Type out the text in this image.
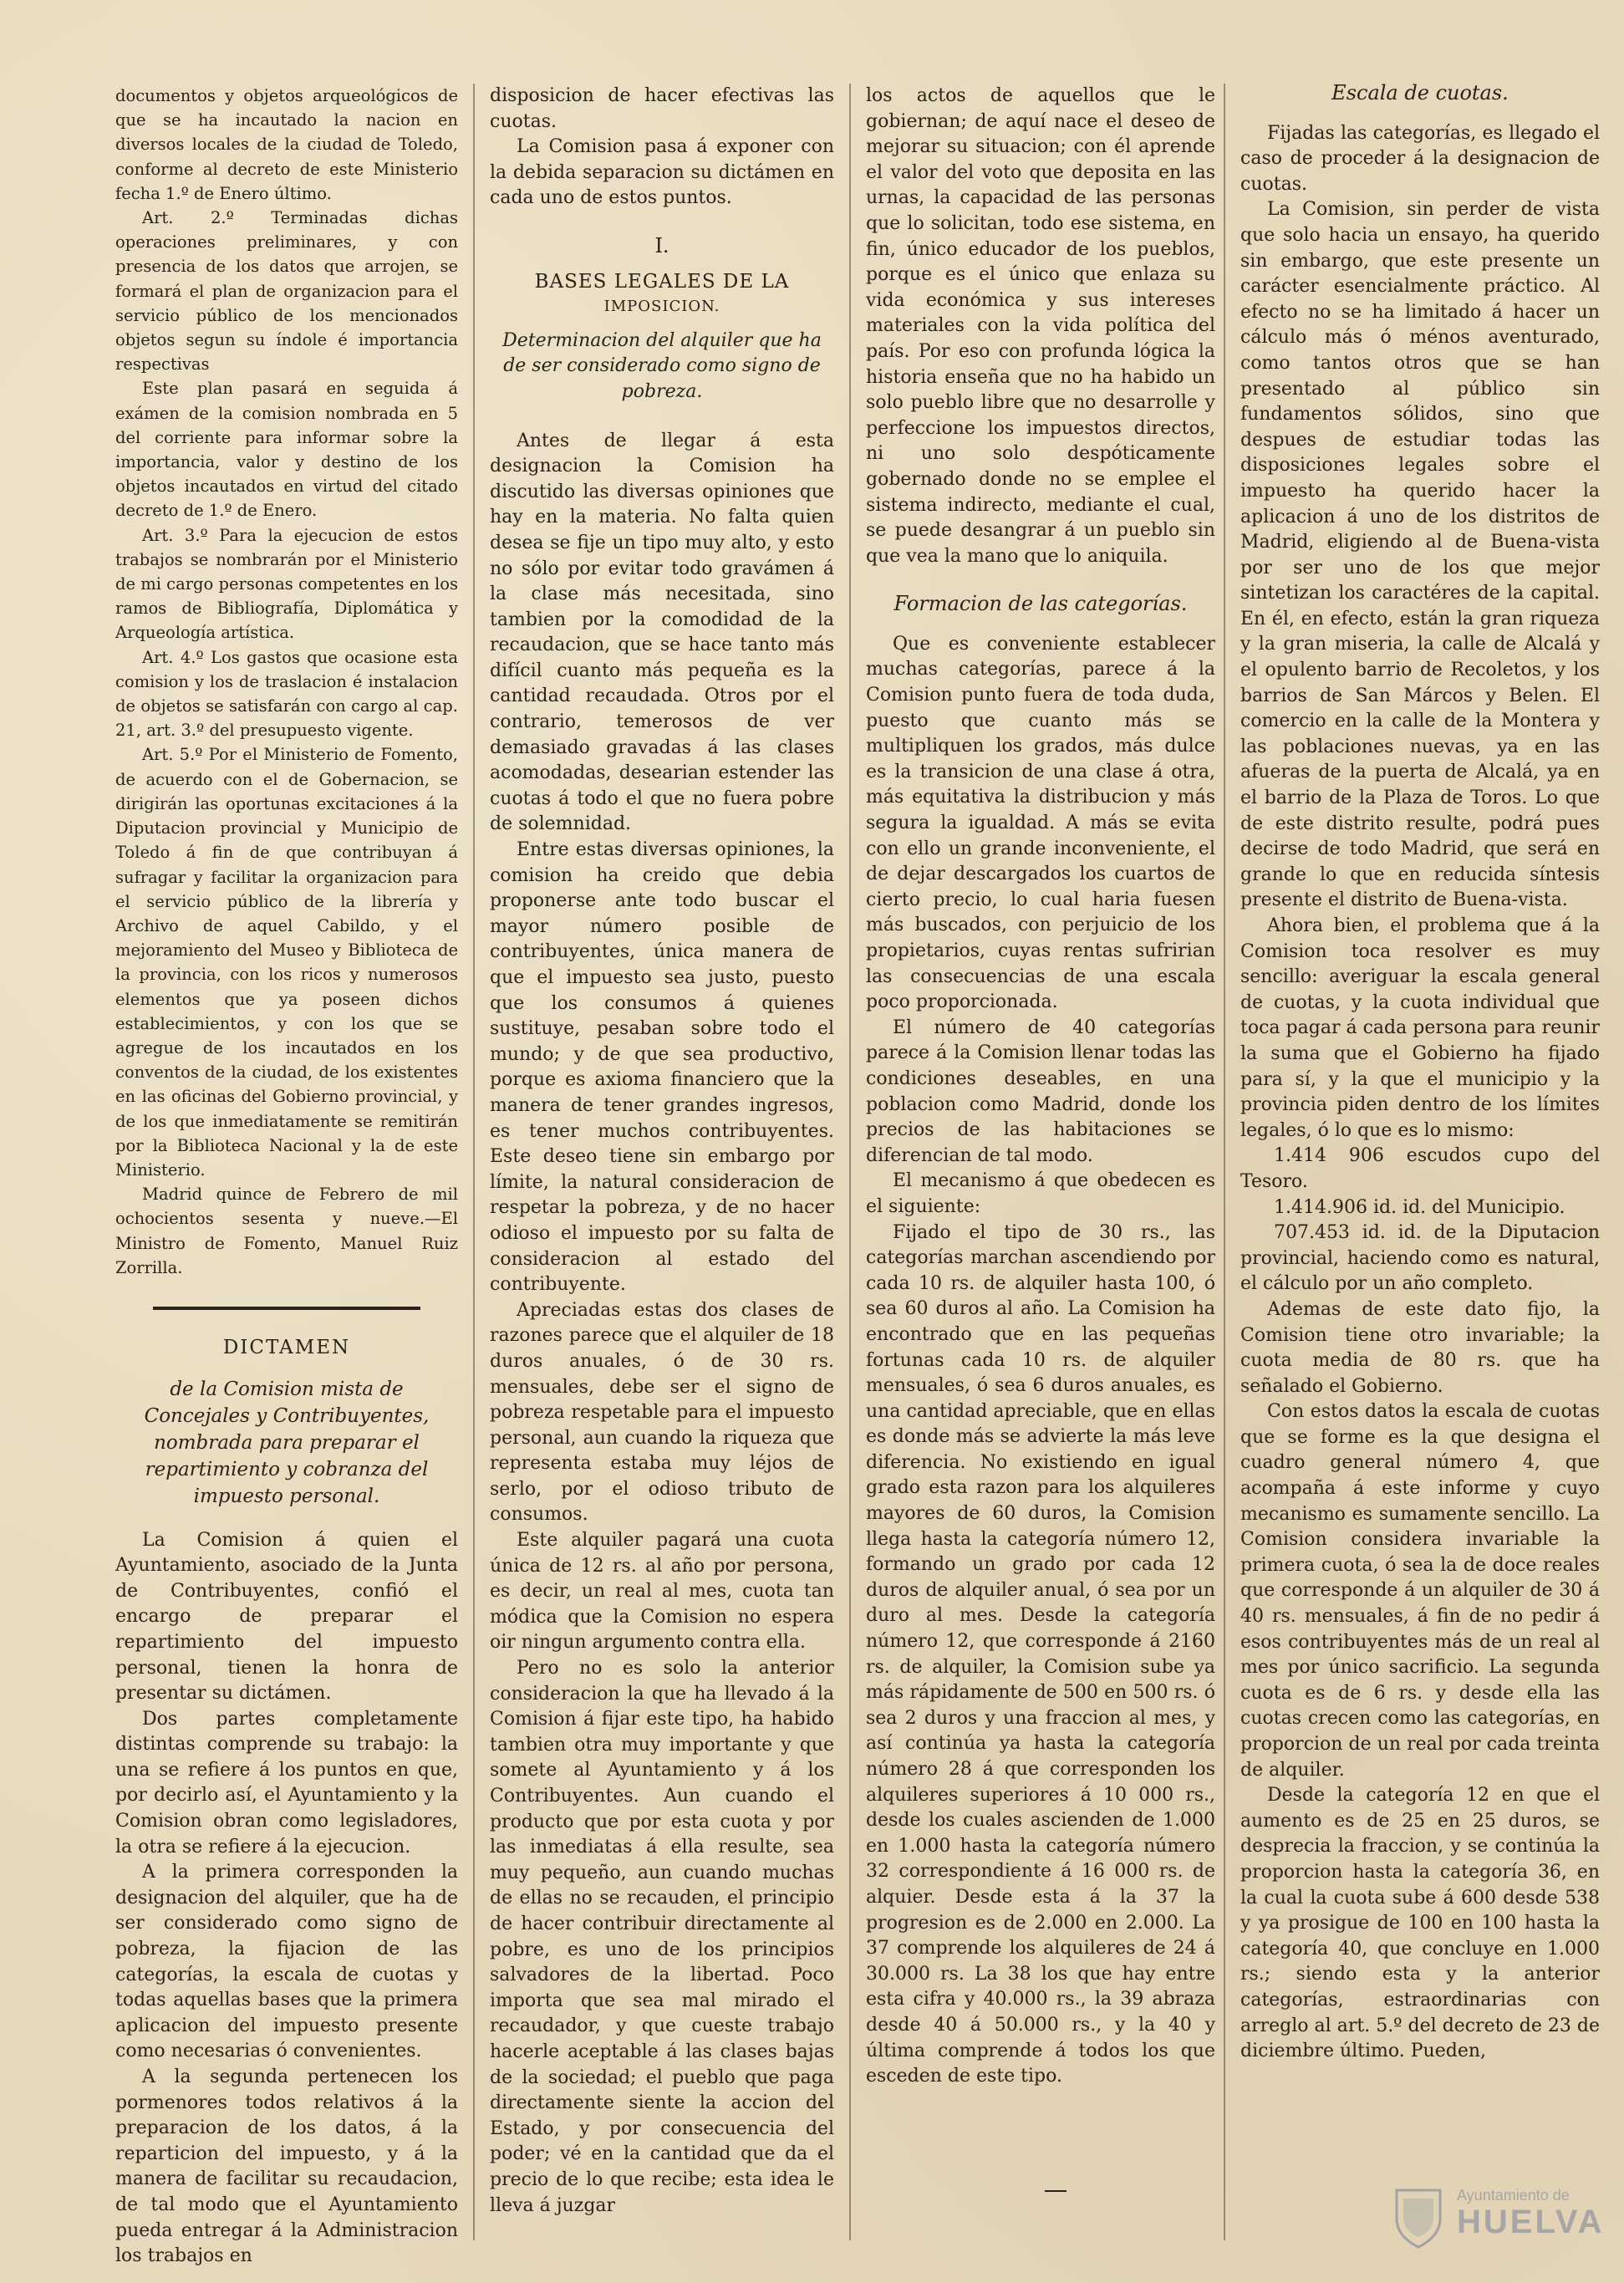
documentos y objetos arqueológicos de que se ha incautado la nacion en diversos locales de la ciudad de Toledo, conforme al decreto de este Ministerio fecha 1.º de Enero último.

Art. 2.º Terminadas dichas operaciones preliminares, y con presencia de los datos que arrojen, se formará el plan de organizacion para el servicio público de los mencionados objetos segun su índole é importancia respectivas

Este plan pasará en seguida á exámen de la comision nombrada en 5 del corriente para informar sobre la importancia, valor y destino de los objetos incautados en virtud del citado decreto de 1.º de Enero.

Art. 3.º Para la ejecucion de estos trabajos se nombrarán por el Ministerio de mi cargo personas competentes en los ramos de Bibliografía, Diplomática y Arqueología artística.

Art. 4.º Los gastos que ocasione esta comision y los de traslacion é instalacion de objetos se satisfarán con cargo al cap. 21, art. 3.º del presupuesto vigente.

Art. 5.º Por el Ministerio de Fomento, de acuerdo con el de Gobernacion, se dirigirán las oportunas excitaciones á la Diputacion provincial y Municipio de Toledo á fin de que contribuyan á sufragar y facilitar la organizacion para el servicio público de la librería y Archivo de aquel Cabildo, y el mejoramiento del Museo y Biblioteca de la provincia, con los ricos y numerosos elementos que ya poseen dichos establecimientos, y con los que se agregue de los incautados en los conventos de la ciudad, de los existentes en las oficinas del Gobierno provincial, y de los que inmediatamente se remitirán por la Biblioteca Nacional y la de este Ministerio.

Madrid quince de Febrero de mil ochocientos sesenta y nueve.—El Ministro de Fomento, Manuel Ruiz Zorrilla.

DICTAMEN
de la Comision mista de Concejales y Contribuyentes, nombrada para preparar el repartimiento y cobranza del impuesto personal.

La Comision á quien el Ayuntamiento, asociado de la Junta de Contribuyentes, confió el encargo de preparar el repartimiento del impuesto personal, tienen la honra de presentar su dictámen.

Dos partes completamente distintas comprende su trabajo: la una se refiere á los puntos en que, por decirlo así, el Ayuntamiento y la Comision obran como legisladores, la otra se refiere á la ejecucion.

A la primera corresponden la designacion del alquiler, que ha de ser considerado como signo de pobreza, la fijacion de las categorías, la escala de cuotas y todas aquellas bases que la primera aplicacion del impuesto presente como necesarias ó convenientes.

A la segunda pertenecen los pormenores todos relativos á la preparacion de los datos, á la reparticion del impuesto, y á la manera de facilitar su recaudacion, de tal modo que el Ayuntamiento pueda entregar á la Administracion los trabajos en

disposicion de hacer efectivas las cuotas.

La Comision pasa á exponer con la debida separacion su dictámen en cada uno de estos puntos.

I.
BASES LEGALES DE LA
IMPOSICION.
Determinacion del alquiler que ha de ser considerado como signo de pobreza.

Antes de llegar á esta designacion la Comision ha discutido las diversas opiniones que hay en la materia. No falta quien desea se fije un tipo muy alto, y esto no sólo por evitar todo gravámen á la clase más necesitada, sino tambien por la comodidad de la recaudacion, que se hace tanto más difícil cuanto más pequeña es la cantidad recaudada. Otros por el contrario, temerosos de ver demasiado gravadas á las clases acomodadas, desearian estender las cuotas á todo el que no fuera pobre de solemnidad.

Entre estas diversas opiniones, la comision ha creido que debia proponerse ante todo buscar el mayor número posible de contribuyentes, única manera de que el impuesto sea justo, puesto que los consumos á quienes sustituye, pesaban sobre todo el mundo; y de que sea productivo, porque es axioma financiero que la manera de tener grandes ingresos, es tener muchos contribuyentes. Este deseo tiene sin embargo por límite, la natural consideracion de respetar la pobreza, y de no hacer odioso el impuesto por su falta de consideracion al estado del contribuyente.

Apreciadas estas dos clases de razones parece que el alquiler de 18 duros anuales, ó de 30 rs. mensuales, debe ser el signo de pobreza respetable para el impuesto personal, aun cuando la riqueza que representa estaba muy léjos de serlo, por el odioso tributo de consumos.

Este alquiler pagará una cuota única de 12 rs. al año por persona, es decir, un real al mes, cuota tan módica que la Comision no espera oir ningun argumento contra ella.

Pero no es solo la anterior consideracion la que ha llevado á la Comision á fijar este tipo, ha habido tambien otra muy importante y que somete al Ayuntamiento y á los Contribuyentes. Aun cuando el producto que por esta cuota y por las inmediatas á ella resulte, sea muy pequeño, aun cuando muchas de ellas no se recauden, el principio de hacer contribuir directamente al pobre, es uno de los principios salvadores de la libertad. Poco importa que sea mal mirado el recaudador, y que cueste trabajo hacerle aceptable á las clases bajas de la sociedad; el pueblo que paga directamente siente la accion del Estado, y por consecuencia del poder; vé en la cantidad que da el precio de lo que recibe; esta idea le lleva á juzgar

los actos de aquellos que le gobiernan; de aquí nace el deseo de mejorar su situacion; con él aprende el valor del voto que deposita en las urnas, la capacidad de las personas que lo solicitan, todo ese sistema, en fin, único educador de los pueblos, porque es el único que enlaza su vida económica y sus intereses materiales con la vida política del país. Por eso con profunda lógica la historia enseña que no ha habido un solo pueblo libre que no desarrolle y perfeccione los impuestos directos, ni uno solo despóticamente gobernado donde no se emplee el sistema indirecto, mediante el cual, se puede desangrar á un pueblo sin que vea la mano que lo aniquila.

Formacion de las categorías.

Que es conveniente establecer muchas categorías, parece á la Comision punto fuera de toda duda, puesto que cuanto más se multipliquen los grados, más dulce es la transicion de una clase á otra, más equitativa la distribucion y más segura la igualdad. A más se evita con ello un grande inconveniente, el de dejar descargados los cuartos de cierto precio, lo cual haria fuesen más buscados, con perjuicio de los propietarios, cuyas rentas sufririan las consecuencias de una escala poco proporcionada.

El número de 40 categorías parece á la Comision llenar todas las condiciones deseables, en una poblacion como Madrid, donde los precios de las habitaciones se diferencian de tal modo.

El mecanismo á que obedecen es el siguiente:

Fijado el tipo de 30 rs., las categorías marchan ascendiendo por cada 10 rs. de alquiler hasta 100, ó sea 60 duros al año. La Comision ha encontrado que en las pequeñas fortunas cada 10 rs. de alquiler mensuales, ó sea 6 duros anuales, es una cantidad apreciable, que en ellas es donde más se advierte la más leve diferencia. No existiendo en igual grado esta razon para los alquileres mayores de 60 duros, la Comision llega hasta la categoría número 12, formando un grado por cada 12 duros de alquiler anual, ó sea por un duro al mes. Desde la categoría número 12, que corresponde á 2160 rs. de alquiler, la Comision sube ya más rápidamente de 500 en 500 rs. ó sea 2 duros y una fraccion al mes, y así continúa ya hasta la categoría número 28 á que corresponden los alquileres superiores á 10 000 rs., desde los cuales ascienden de 1.000 en 1.000 hasta la categoría número 32 correspondiente á 16 000 rs. de alquier. Desde esta á la 37 la progresion es de 2.000 en 2.000. La 37 comprende los alquileres de 24 á 30.000 rs. La 38 los que hay entre esta cifra y 40.000 rs., la 39 abraza desde 40 á 50.000 rs., y la 40 y última comprende á todos los que esceden de este tipo.

Escala de cuotas.

Fijadas las categorías, es llegado el caso de proceder á la designacion de cuotas.

La Comision, sin perder de vista que solo hacia un ensayo, ha querido sin embargo, que este presente un carácter esencialmente práctico. Al efecto no se ha limitado á hacer un cálculo más ó ménos aventurado, como tantos otros que se han presentado al público sin fundamentos sólidos, sino que despues de estudiar todas las disposiciones legales sobre el impuesto ha querido hacer la aplicacion á uno de los distritos de Madrid, eligiendo al de Buena-vista por ser uno de los que mejor sintetizan los caractéres de la capital. En él, en efecto, están la gran riqueza y la gran miseria, la calle de Alcalá y el opulento barrio de Recoletos, y los barrios de San Márcos y Belen. El comercio en la calle de la Montera y las poblaciones nuevas, ya en las afueras de la puerta de Alcalá, ya en el barrio de la Plaza de Toros. Lo que de este distrito resulte, podrá pues decirse de todo Madrid, que será en grande lo que en reducida síntesis presente el distrito de Buena-vista.

Ahora bien, el problema que á la Comision toca resolver es muy sencillo: averiguar la escala general de cuotas, y la cuota individual que toca pagar á cada persona para reunir la suma que el Gobierno ha fijado para sí, y la que el municipio y la provincia piden dentro de los límites legales, ó lo que es lo mismo:

1.414 906 escudos cupo del Tesoro.

1.414.906 id. id. del Municipio.

707.453 id. id. de la Diputacion provincial, haciendo como es natural, el cálculo por un año completo.

Ademas de este dato fijo, la Comision tiene otro invariable; la cuota media de 80 rs. que ha señalado el Gobierno.

Con estos datos la escala de cuotas que se forme es la que designa el cuadro general número 4, que acompaña á este informe y cuyo mecanismo es sumamente sencillo. La Comision considera invariable la primera cuota, ó sea la de doce reales que corresponde á un alquiler de 30 á 40 rs. mensuales, á fin de no pedir á esos contribuyentes más de un real al mes por único sacrificio. La segunda cuota es de 6 rs. y desde ella las cuotas crecen como las categorías, en proporcion de un real por cada treinta de alquiler.

Desde la categoría 12 en que el aumento es de 25 en 25 duros, se desprecia la fraccion, y se continúa la proporcion hasta la categoría 36, en la cual la cuota sube á 600 desde 538 y ya prosigue de 100 en 100 hasta la categoría 40, que concluye en 1.000 rs.; siendo esta y la anterior categorías, estraordinarias con arreglo al art. 5.º del decreto de 23 de diciembre último. Pueden,

Ayuntamiento de
HUELVA
